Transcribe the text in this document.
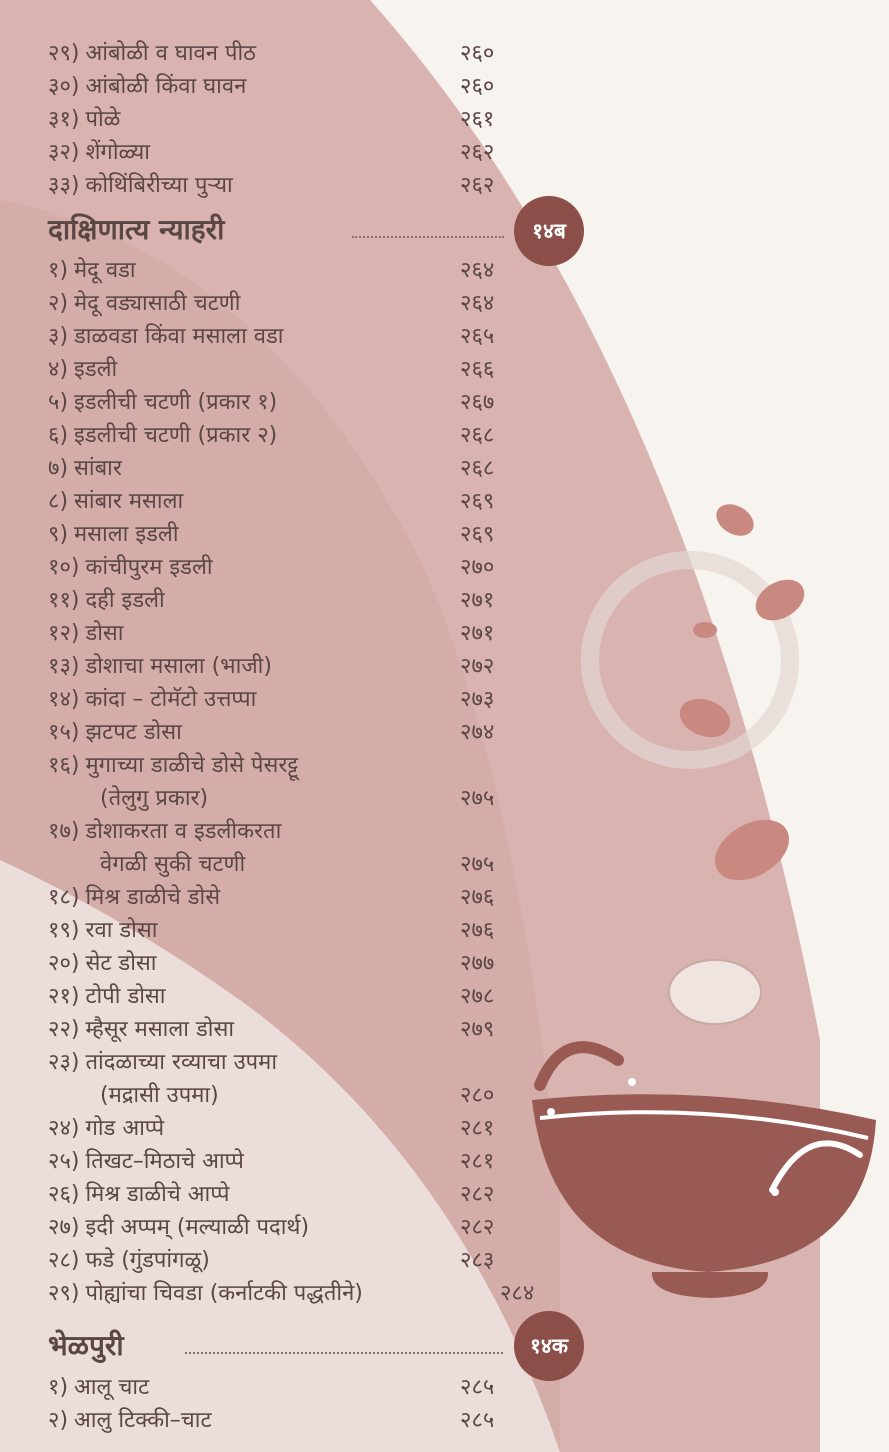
२९) आंबोळी व घावन पीठ	२६०
३०) आंबोळी किंवा घावन	२६०
३१) पोळे	२६१
३२) शेंगोळ्या	२६२
३३) कोथिंबिरीच्या पुऱ्या	२६२
दाक्षिणात्य न्याहरी	१४ब
१) मेदू वडा	२६४
२) मेदू वड्यासाठी चटणी	२६४
३) डाळवडा किंवा मसाला वडा	२६५
४) इडली	२६६
५) इडलीची चटणी (प्रकार १)	२६७
६) इडलीची चटणी (प्रकार २)	२६८
७) सांबार	२६८
८) सांबार मसाला	२६९
९) मसाला इडली	२६९
१०) कांचीपुरम इडली	२७०
११) दही इडली	२७१
१२) डोसा	२७१
१३) डोशाचा मसाला (भाजी)	२७२
१४) कांदा – टोमॅटो उत्तप्पा	२७३
१५) झटपट डोसा	२७४
१६) मुगाच्या डाळीचे डोसे पेसरट्टू
(तेलुगु प्रकार)	२७५
१७) डोशाकरता व इडलीकरता
वेगळी सुकी चटणी	२७५
१८) मिश्र डाळीचे डोसे	२७६
१९) रवा डोसा	२७६
२०) सेट डोसा	२७७
२१) टोपी डोसा	२७८
२२) म्हैसूर मसाला डोसा	२७९
२३) तांदळाच्या रव्याचा उपमा
(मद्रासी उपमा)	२८०
२४) गोड आप्पे	२८१
२५) तिखट–मिठाचे आप्पे	२८१
२६) मिश्र डाळीचे आप्पे	२८२
२७) इदी अप्पम् (मल्याळी पदार्थ)	२८२
२८) फडे (गुंडपांगळू)	२८३
२९) पोह्यांचा चिवडा (कर्नाटकी पद्धतीने)	२८४
भेळपुरी	१४क
१) आलू चाट	२८५
२) आलु टिक्की–चाट	२८५
